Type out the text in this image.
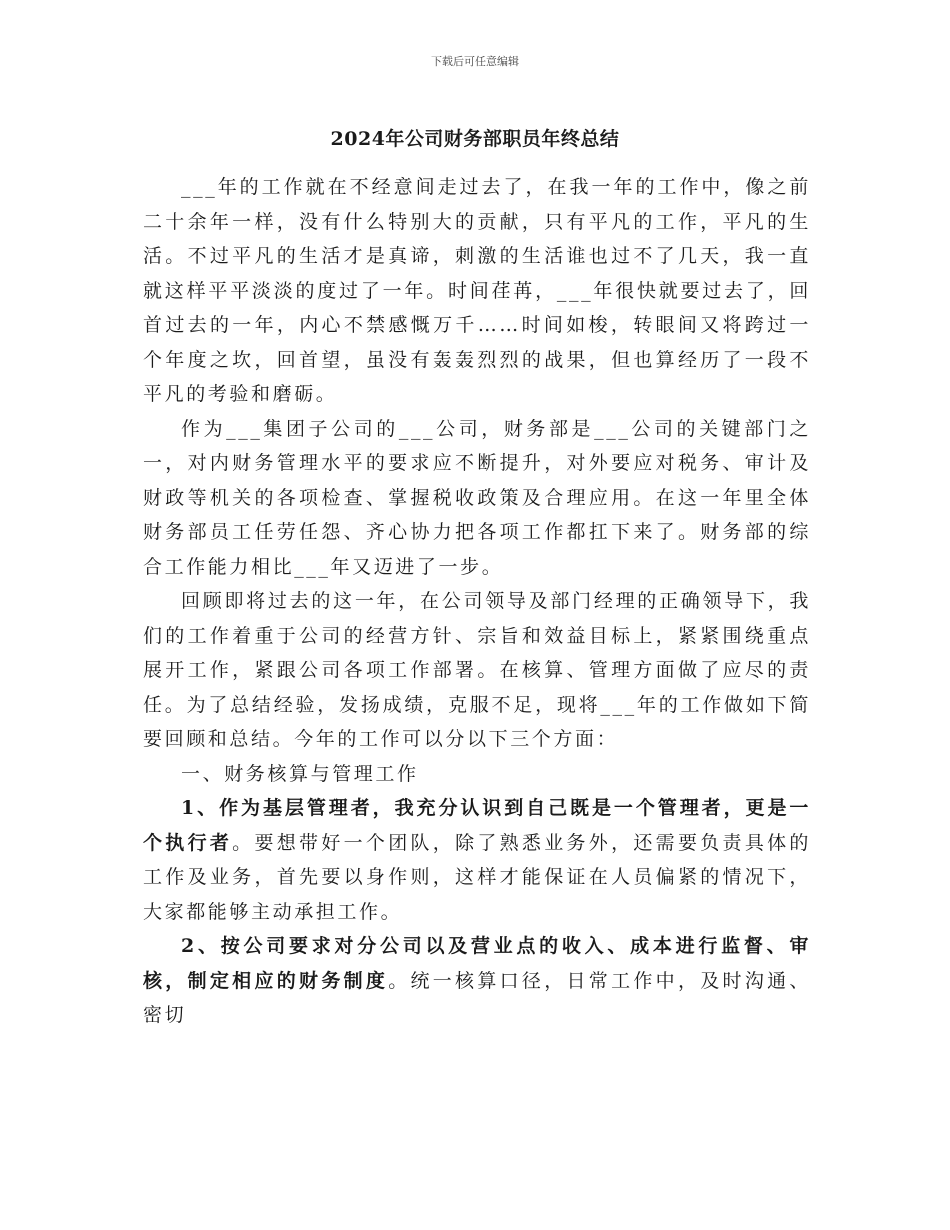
下载后可任意编辑
2024年公司财务部职员年终总结

___年的工作就在不经意间走过去了，在我一年的工作中，像之前二十余年一样，没有什么特别大的贡献，只有平凡的工作，平凡的生活。不过平凡的生活才是真谛，刺激的生活谁也过不了几天，我一直就这样平平淡淡的度过了一年。时间荏苒，___年很快就要过去了，回首过去的一年，内心不禁感慨万千……时间如梭，转眼间又将跨过一个年度之坎，回首望，虽没有轰轰烈烈的战果，但也算经历了一段不平凡的考验和磨砺。

作为___集团子公司的___公司，财务部是___公司的关键部门之一，对内财务管理水平的要求应不断提升，对外要应对税务、审计及财政等机关的各项检查、掌握税收政策及合理应用。在这一年里全体财务部员工任劳任怨、齐心协力把各项工作都扛下来了。财务部的综合工作能力相比___年又迈进了一步。

回顾即将过去的这一年，在公司领导及部门经理的正确领导下，我们的工作着重于公司的经营方针、宗旨和效益目标上，紧紧围绕重点展开工作，紧跟公司各项工作部署。在核算、管理方面做了应尽的责任。为了总结经验，发扬成绩，克服不足，现将___年的工作做如下简要回顾和总结。今年的工作可以分以下三个方面：

一、财务核算与管理工作

1、作为基层管理者，我充分认识到自己既是一个管理者，更是一个执行者。要想带好一个团队，除了熟悉业务外，还需要负责具体的工作及业务，首先要以身作则，这样才能保证在人员偏紧的情况下，大家都能够主动承担工作。

2、按公司要求对分公司以及营业点的收入、成本进行监督、审核，制定相应的财务制度。统一核算口径，日常工作中，及时沟通、密切
